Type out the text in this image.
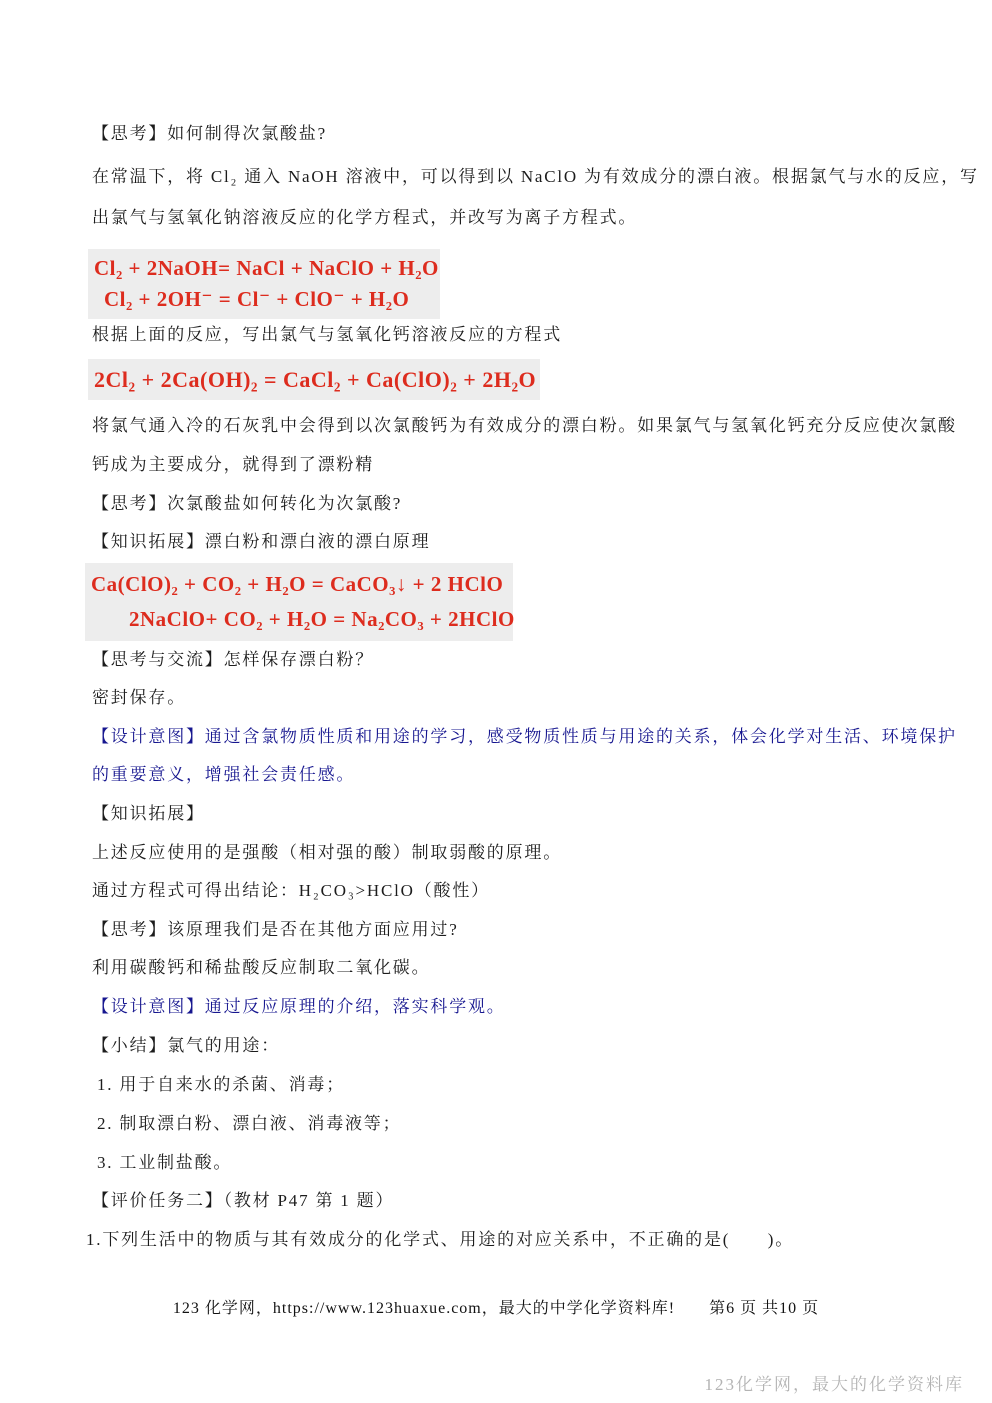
【思考】如何制得次氯酸盐?

在常温下，将 Cl₂ 通入 NaOH 溶液中，可以得到以 NaClO 为有效成分的漂白液。根据氯气与水的反应，写

出氯气与氢氧化钠溶液反应的化学方程式，并改写为离子方程式。

Cl₂ + 2NaOH= NaCl + NaClO + H₂O

Cl₂ + 2OH⁻ = Cl⁻ + ClO⁻ + H₂O

根据上面的反应，写出氯气与氢氧化钙溶液反应的方程式

2Cl₂ + 2Ca(OH)₂ = CaCl₂ + Ca(ClO)₂ + 2H₂O

将氯气通入冷的石灰乳中会得到以次氯酸钙为有效成分的漂白粉。如果氯气与氢氧化钙充分反应使次氯酸

钙成为主要成分，就得到了漂粉精

【思考】次氯酸盐如何转化为次氯酸?

【知识拓展】漂白粉和漂白液的漂白原理

Ca(ClO)₂ + CO₂ + H₂O = CaCO₃↓ + 2 HClO

2NaClO+ CO₂ + H₂O = Na₂CO₃ + 2HClO

【思考与交流】怎样保存漂白粉？

密封保存。

【设计意图】通过含氯物质性质和用途的学习，感受物质性质与用途的关系，体会化学对生活、环境保护

的重要意义，增强社会责任感。

【知识拓展】

上述反应使用的是强酸（相对强的酸）制取弱酸的原理。

通过方程式可得出结论：H₂CO₃>HClO（酸性）

【思考】该原理我们是否在其他方面应用过?

利用碳酸钙和稀盐酸反应制取二氧化碳。

【设计意图】通过反应原理的介绍，落实科学观。

【小结】氯气的用途：

1. 用于自来水的杀菌、消毒；

2. 制取漂白粉、漂白液、消毒液等；

3. 工业制盐酸。

【评价任务二】（教材 P47 第 1 题）

1.下列生活中的物质与其有效成分的化学式、用途的对应关系中，不正确的是(　　)。

123 化学网，https://www.123huaxue.com，最大的中学化学资料库! 第6 页 共10 页
123化学网，最大的化学资料库
